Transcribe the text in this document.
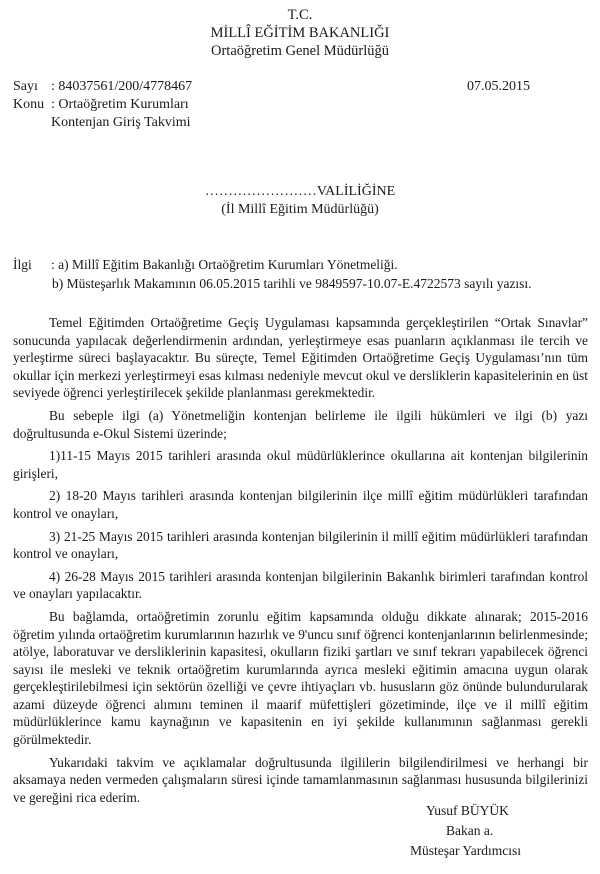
T.C.
MİLLÎ EĞİTİM BAKANLIĞI
Ortaöğretim Genel Müdürlüğü
Sayı : 84037561/200/4778467	07.05.2015
Konu : Ortaöğretim Kurumları
Kontenjan Giriş Takvimi
……………………VALİLİĞİNE
(İl Millî Eğitim Müdürlüğü)
İlgi : a) Millî Eğitim Bakanlığı Ortaöğretim Kurumları Yönetmeliği.
b) Müsteşarlık Makamının 06.05.2015 tarihli ve 9849597-10.07-E.4722573 sayılı yazısı.

Temel Eğitimden Ortaöğretime Geçiş Uygulaması kapsamında gerçekleştirilen “Ortak Sınavlar” sonucunda yapılacak değerlendirmenin ardından, yerleştirmeye esas puanların açıklanması ile tercih ve yerleştirme süreci başlayacaktır. Bu süreçte, Temel Eğitimden Ortaöğretime Geçiş Uygulaması’nın tüm okullar için merkezi yerleştirmeyi esas kılması nedeniyle mevcut okul ve dersliklerin kapasitelerinin en üst seviyede öğrenci yerleştirilecek şekilde planlanması gerekmektedir.

Bu sebeple ilgi (a) Yönetmeliğin kontenjan belirleme ile ilgili hükümleri ve ilgi (b) yazı doğrultusunda e-Okul Sistemi üzerinde;

1)11-15 Mayıs 2015 tarihleri arasında okul müdürlüklerince okullarına ait kontenjan bilgilerinin girişleri,

2) 18-20 Mayıs tarihleri arasında kontenjan bilgilerinin ilçe millî eğitim müdürlükleri tarafından kontrol ve onayları,

3) 21-25 Mayıs 2015 tarihleri arasında kontenjan bilgilerinin il millî eğitim müdürlükleri tarafından kontrol ve onayları,

4) 26-28 Mayıs 2015 tarihleri arasında kontenjan bilgilerinin Bakanlık birimleri tarafından kontrol ve onayları yapılacaktır.

Bu bağlamda, ortaöğretimin zorunlu eğitim kapsamında olduğu dikkate alınarak; 2015-2016 öğretim yılında ortaöğretim kurumlarının hazırlık ve 9'uncu sınıf öğrenci kontenjanlarının belirlenmesinde; atölye, laboratuvar ve dersliklerinin kapasitesi, okulların fiziki şartları ve sınıf tekrarı yapabilecek öğrenci sayısı ile mesleki ve teknik ortaöğretim kurumlarında ayrıca mesleki eğitimin amacına uygun olarak gerçekleştirilebilmesi için sektörün özelliği ve çevre ihtiyaçları vb. hususların göz önünde bulundurularak azami düzeyde öğrenci alımını teminen il maarif müfettişleri gözetiminde, ilçe ve il millî eğitim müdürlüklerince kamu kaynağının ve kapasitenin en iyi şekilde kullanımının sağlanması gerekli görülmektedir.

Yukarıdaki takvim ve açıklamalar doğrultusunda ilgililerin bilgilendirilmesi ve herhangi bir aksamaya neden vermeden çalışmaların süresi içinde tamamlanmasının sağlanması hususunda bilgilerinizi ve gereğini rica ederim.

Yusuf BÜYÜK
Bakan a.
Müsteşar Yardımcısı
